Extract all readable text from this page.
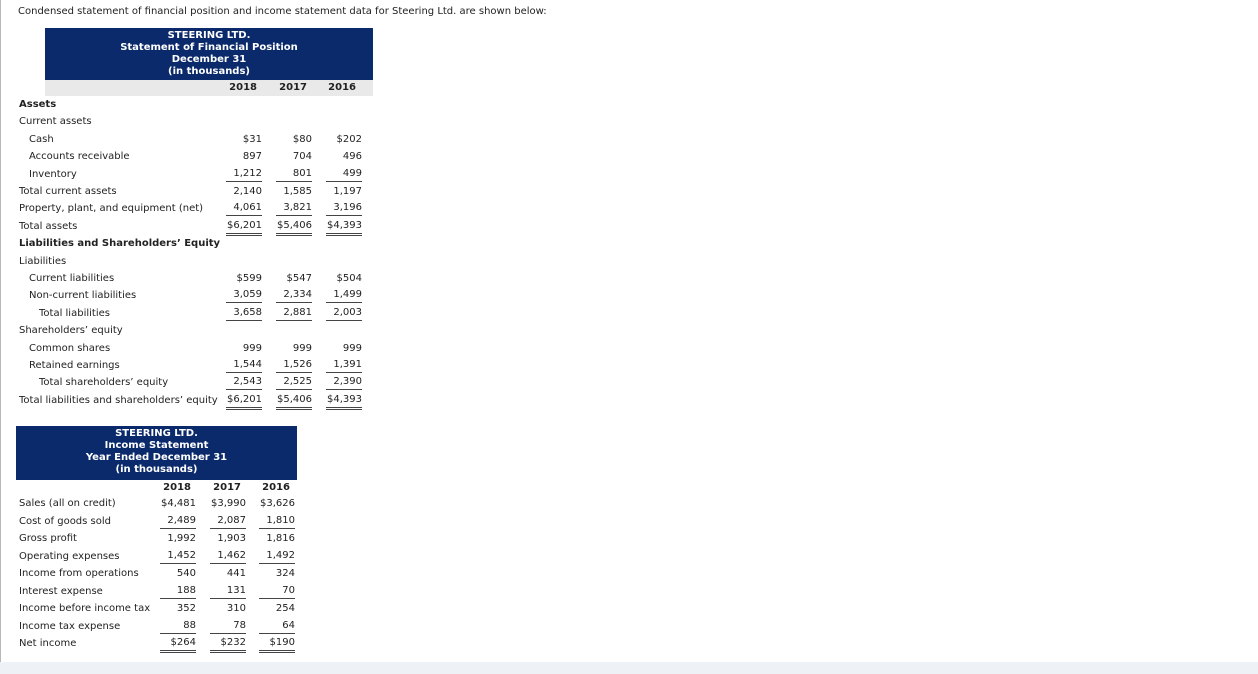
Condensed statement of financial position and income statement data for Steering Ltd. are shown below:
STEERING LTD.
Statement of Financial Position
December 31
(in thousands)
2018	2017	2016
Assets
Current assets
Cash	$31	$80	$202
Accounts receivable	897	704	496
Inventory	1,212	801	499
Total current assets	2,140	1,585	1,197
Property, plant, and equipment (net)	4,061	3,821	3,196
Total assets	$6,201 $5,406 $4,393
Liabilities and Shareholders’ Equity
Liabilities
Current liabilities	$599	$547	$504
Non-current liabilities	3,059	2,334	1,499
Total liabilities	3,658	2,881	2,003
Shareholders’ equity
Common shares	999	999	999
Retained earnings	1,544	1,526	1,391
Total shareholders’ equity	2,543	2,525	2,390
Total liabilities and shareholders’ equity $6,201 $5,406 $4,393
STEERING LTD.
Income Statement
Year Ended December 31
(in thousands)
2018	2017	2016
Sales (all on credit)	$4,481 $3,990 $3,626
Cost of goods sold	2,489	2,087	1,810
Gross profit	1,992	1,903	1,816
Operating expenses	1,452	1,462	1,492
Income from operations	540	441	324
Interest expense	188	131	70
Income before income tax	352	310	254
Income tax expense	88	78	64
Net income	$264	$232	$190
